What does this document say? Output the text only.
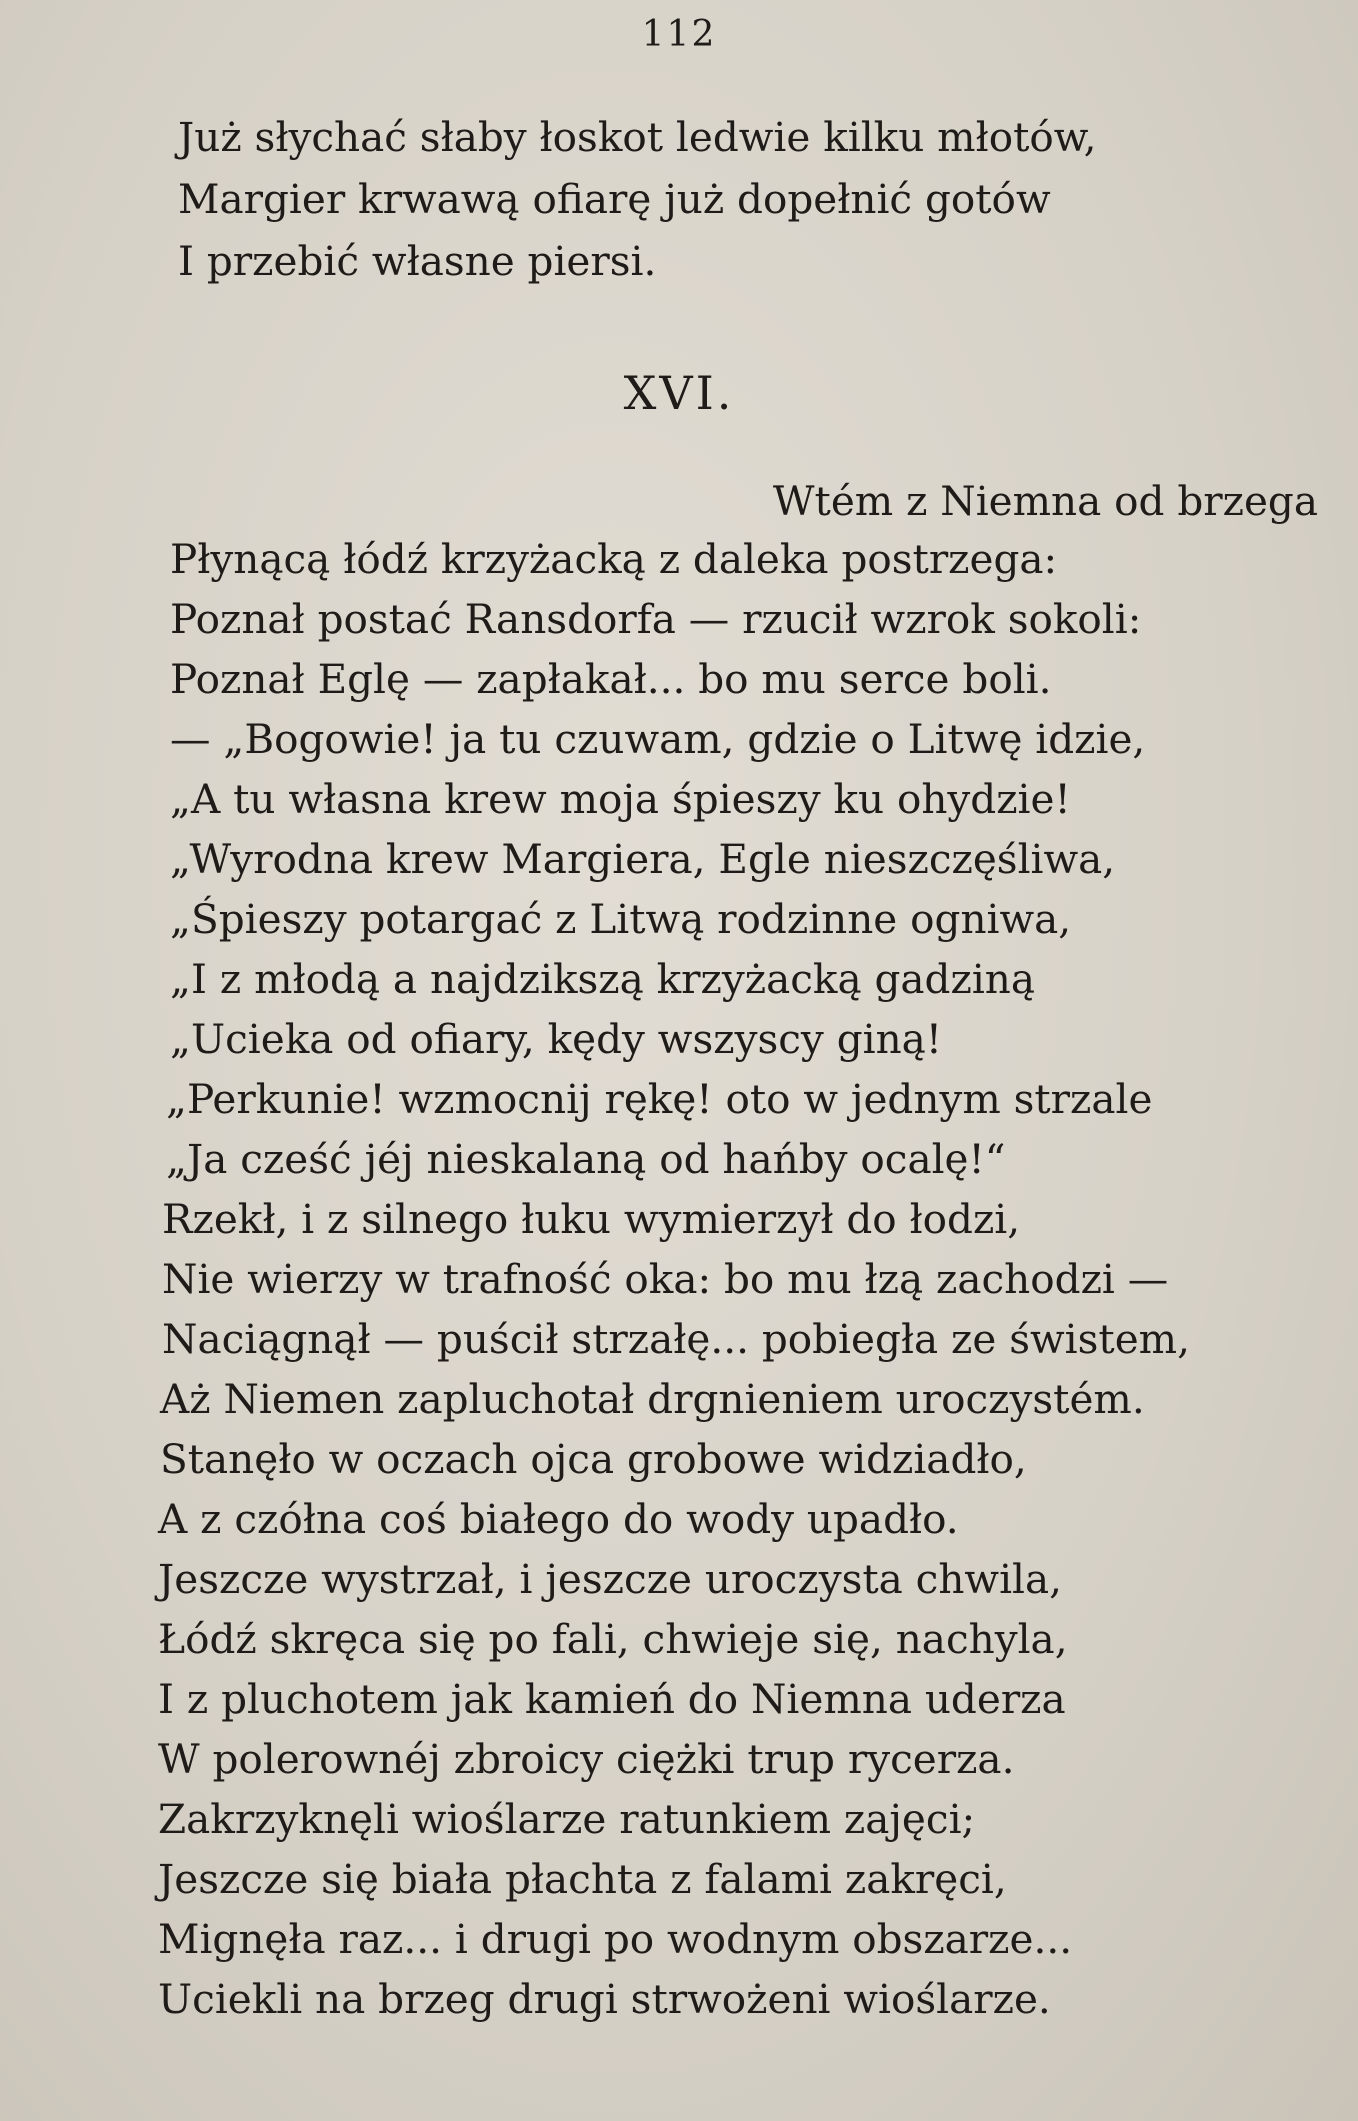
112
Już słychać słaby łoskot ledwie kilku młotów,
Margier krwawą ofiarę już dopełnić gotów
I przebić własne piersi.
XVI.
Wtém z Niemna od brzega
Płynącą łódź krzyżacką z daleka postrzega:
Poznał postać Ransdorfa — rzucił wzrok sokoli:
Poznał Eglę — zapłakał... bo mu serce boli.
— „Bogowie! ja tu czuwam, gdzie o Litwę idzie,
„A tu własna krew moja śpieszy ku ohydzie!
„Wyrodna krew Margiera, Egle nieszczęśliwa,
„Śpieszy potargać z Litwą rodzinne ogniwa,
„I z młodą a najdzikszą krzyżacką gadziną
„Ucieka od ofiary, kędy wszyscy giną!
„Perkunie! wzmocnij rękę! oto w jednym strzale
„Ja cześć jéj nieskalaną od hańby ocalę!“
Rzekł, i z silnego łuku wymierzył do łodzi,
Nie wierzy w trafność oka: bo mu łzą zachodzi —
Naciągnął — puścił strzałę... pobiegła ze świstem,
Aż Niemen zapluchotał drgnieniem uroczystém.
Stanęło w oczach ojca grobowe widziadło,
A z czółna coś białego do wody upadło.
Jeszcze wystrzał, i jeszcze uroczysta chwila,
Łódź skręca się po fali, chwieje się, nachyla,
I z pluchotem jak kamień do Niemna uderza
W polerownéj zbroicy ciężki trup rycerza.
Zakrzyknęli wioślarze ratunkiem zajęci;
Jeszcze się biała płachta z falami zakręci,
Mignęła raz... i drugi po wodnym obszarze...
Uciekli na brzeg drugi strwożeni wioślarze.
